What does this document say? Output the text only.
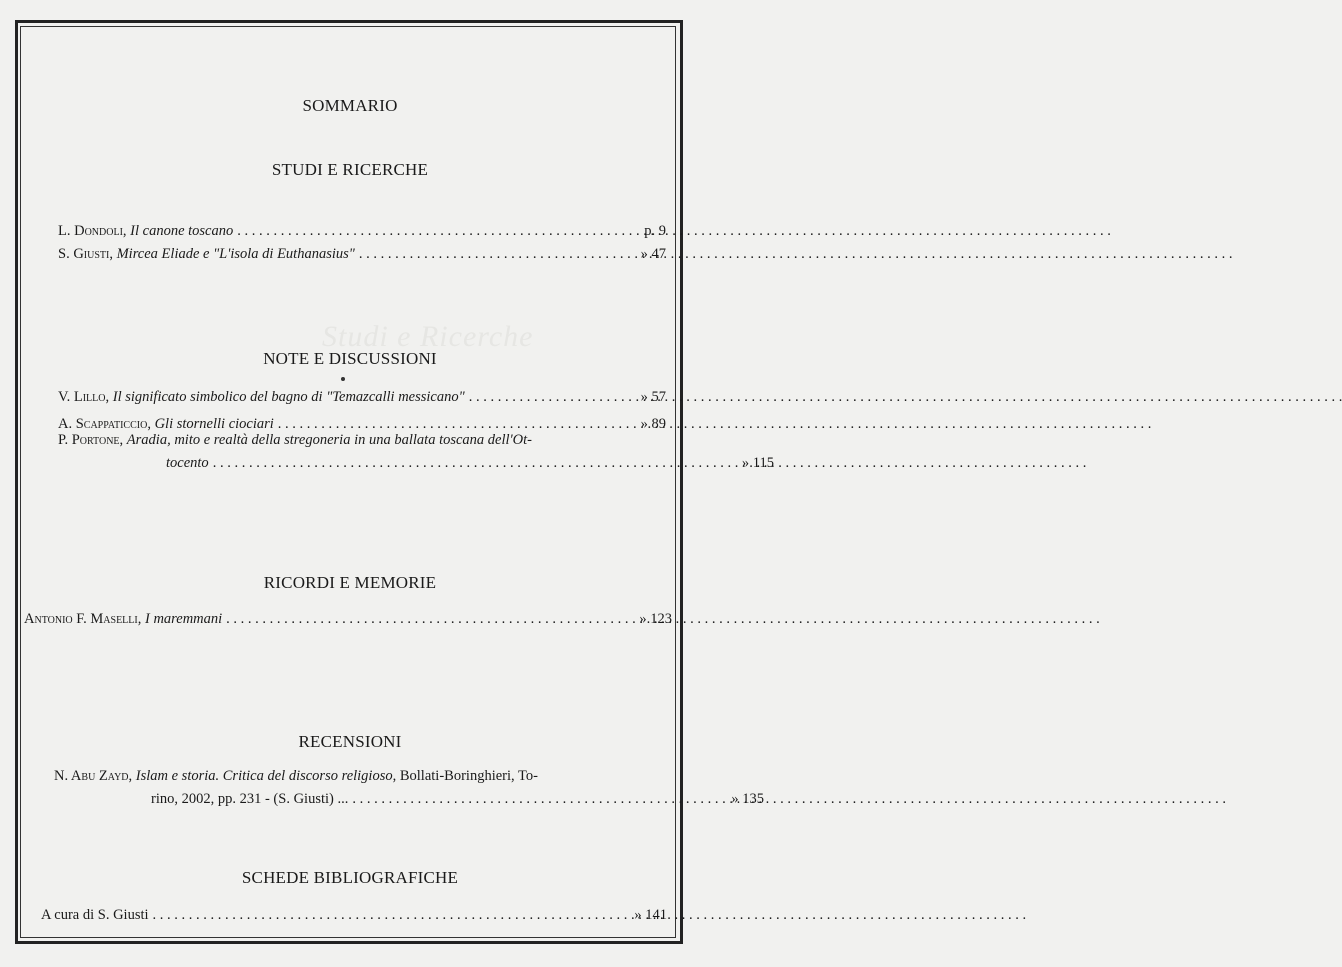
Studi e Ricerche
SOMMARIO
STUDI E RICERCHE
L. Dondoli, Il canone toscano . . .	p. 9
S. Giusti, Mircea Eliade e "L'isola di Euthanasius" . . .	» 47
NOTE E DISCUSSIONI
V. Lillo, Il significato simbolico del bagno di "Temazcalli messicano" . . .	» 57
A. Scappaticcio, Gli stornelli ciociari . . .	» 89
P. Portone, Aradia, mito e realtà della stregoneria in una ballata toscana dell'Ot-
tocento . . .	» 115
RICORDI E MEMORIE
Antonio F. Maselli, I maremmani . . .	» 123
RECENSIONI
N. Abu Zayd, Islam e storia. Critica del discorso religioso, Bollati-Boringhieri, To-
rino, 2002, pp. 231 - (S. Giusti) ... . . .	» 135
SCHEDE BIBLIOGRAFICHE
A cura di S. Giusti . . .	» 141
